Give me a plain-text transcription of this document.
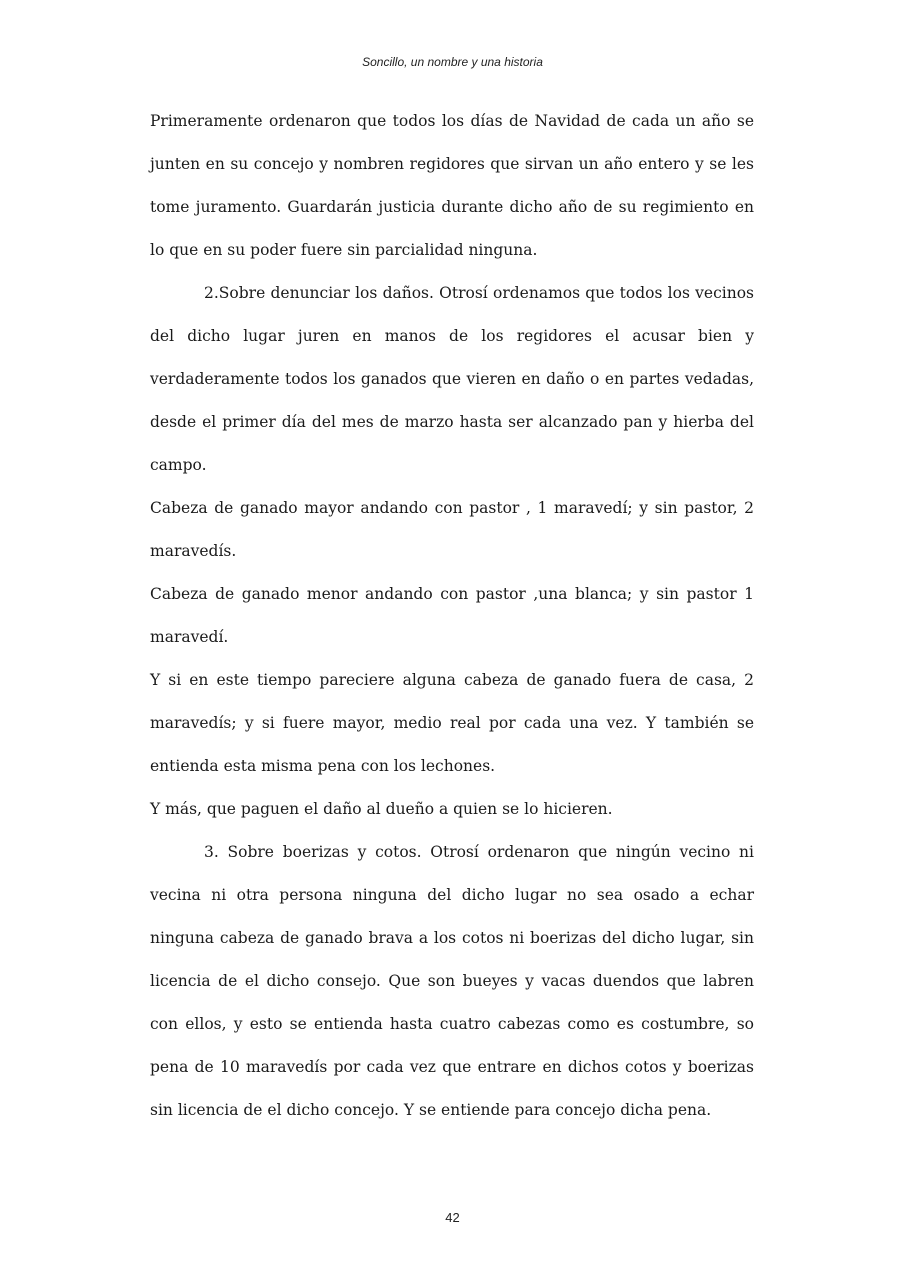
Soncillo, un nombre y una historia

Primeramente ordenaron que todos los días de Navidad de cada un año se junten en su concejo y nombren regidores que sirvan un año entero y se les tome juramento. Guardarán justicia durante dicho año de su regimiento en lo que en su poder fuere sin parcialidad ninguna.

2.Sobre denunciar los daños. Otrosí ordenamos que todos los vecinos del dicho lugar juren en manos de los regidores el acusar bien y verdaderamente todos los ganados que vieren en daño o en partes vedadas, desde el primer día del mes de marzo hasta ser alcanzado pan y hierba del campo.

Cabeza de ganado mayor andando con pastor , 1 maravedí; y sin pastor, 2 maravedís.

Cabeza de ganado menor andando con pastor ,una blanca; y sin pastor 1 maravedí.

Y si en este tiempo pareciere alguna cabeza de ganado fuera de casa, 2 maravedís; y si fuere mayor, medio real por cada una vez. Y también se entienda esta misma pena con los lechones.

Y más, que paguen el daño al dueño a quien se lo hicieren.

3. Sobre boerizas y cotos. Otrosí ordenaron que ningún vecino ni vecina ni otra persona ninguna del dicho lugar no sea osado a echar ninguna cabeza de ganado brava a los cotos ni boerizas del dicho lugar, sin licencia de el dicho consejo. Que son bueyes y vacas duendos que labren con ellos, y esto se entienda hasta cuatro cabezas como es costumbre, so pena de 10 maravedís por cada vez que entrare en dichos cotos y boerizas sin licencia de el dicho concejo. Y se entiende para concejo dicha pena.

42
